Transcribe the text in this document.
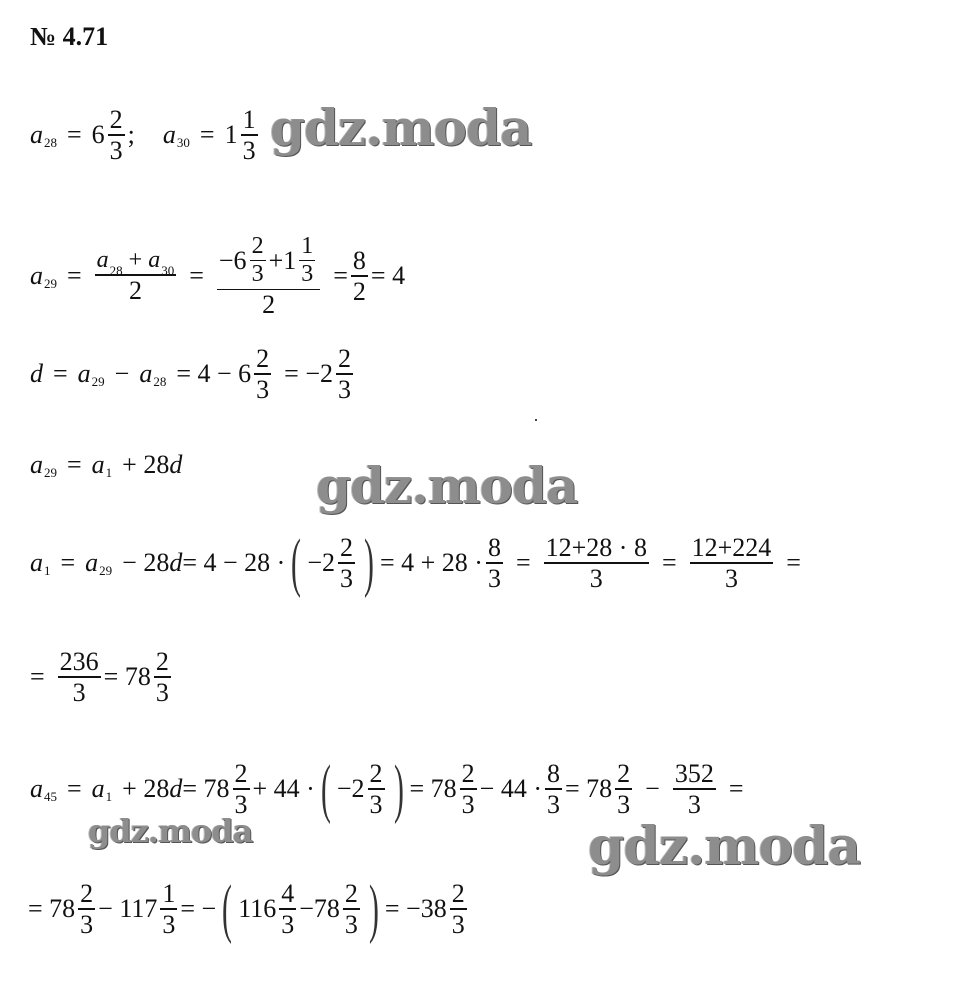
№ 4.71
a $28 = 6 \frac{2}{3}$ ; a $30 = 1 \frac{1}{3}$ gdz.moda
a $29 = \frac{a_{28} + a_{30}}{2} = \frac{-6 \frac{2}{3} +1 \frac{1}{3}}{2} = \frac{8}{2} = 4$
d = a 29 − a $28 = 4 - 6 \frac{2}{3} = -2 \frac{2}{3}$
a 29 = a 1 + 28 d	gdz.moda
a 1 = a 29 − 28 d = 4 − 28 · ( $-2 \frac{2}{3}$ ) = $4 + 28 \cdot \frac{8}{3} = \frac{12+28 \cdot 8}{3} = \frac{12+224}{3}$ =
= $\frac{236}{3} = 78 \frac{2}{3}$
a 45 = a 1 + 28 $d = 78 \frac{2}{3} + 44$ · ( $-2 \frac{2}{3}$ ) = $78 \frac{2}{3} - 44 \cdot \frac{8}{3} = 78 \frac{2}{3} - \frac{352}{3}$ =
gdz.moda	gdz.moda
= $78 \frac{2}{3} - 117 \frac{1}{3}$ = − ( $116 \frac{4}{3} -78 \frac{2}{3}$ ) = $-38 \frac{2}{3}$
